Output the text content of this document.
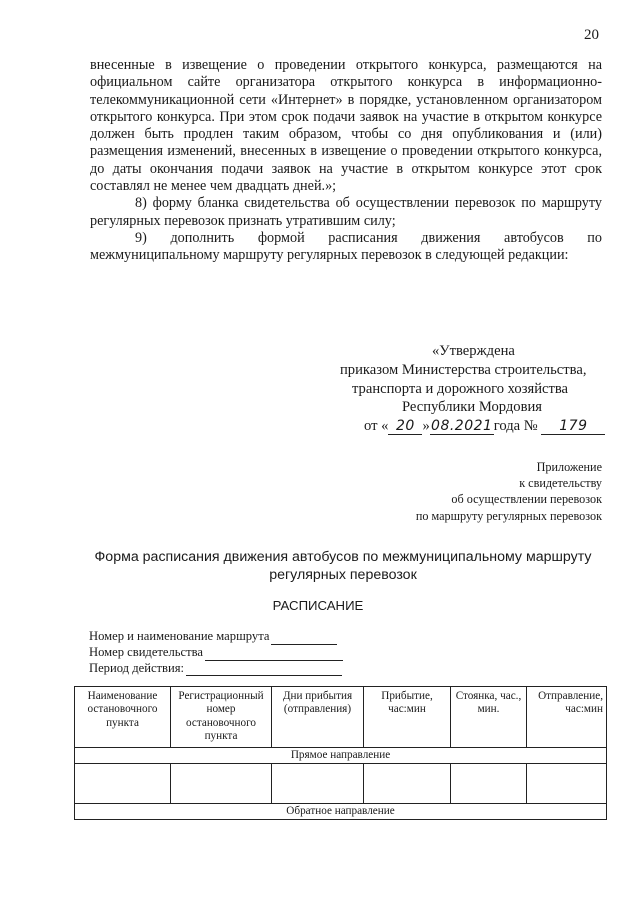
20

внесенные в извещение о проведении открытого конкурса, размещаются на официальном сайте организатора открытого конкурса в информационно-телекоммуникационной сети «Интернет» в порядке, установленном организатором открытого конкурса. При этом срок подачи заявок на участие в открытом конкурсе должен быть продлен таким образом, чтобы со дня опубликования и (или) размещения изменений, внесенных в извещение о проведении открытого конкурса, до даты окончания подачи заявок на участие в открытом конкурсе этот срок составлял не менее чем двадцать дней.»;

8) форму бланка свидетельства об осуществлении перевозок по маршруту регулярных перевозок признать утратившим силу;

9) дополнить формой расписания движения автобусов по межмуниципальному маршруту регулярных перевозок в следующей редакции:

«Утверждена
приказом Министерства строительства,
транспорта и дорожного хозяйства
Республики Мордовия
от « 20 »08.2021года № 179
Приложение
к свидетельству
об осуществлении перевозок
по маршруту регулярных перевозок
Форма расписания движения автобусов по межмуниципальному маршруту
регулярных перевозок
РАСПИСАНИЕ
Номер и наименование маршрута
Номер свидетельства
Период действия:
Наименование остановочного пункта	Регистрационный номер остановочного пункта	Дни прибытия (отправления)	Прибытие, час:мин	Стоянка, час., мин.	Отправление, час:мин
Прямое направление					

Обратное направление					
